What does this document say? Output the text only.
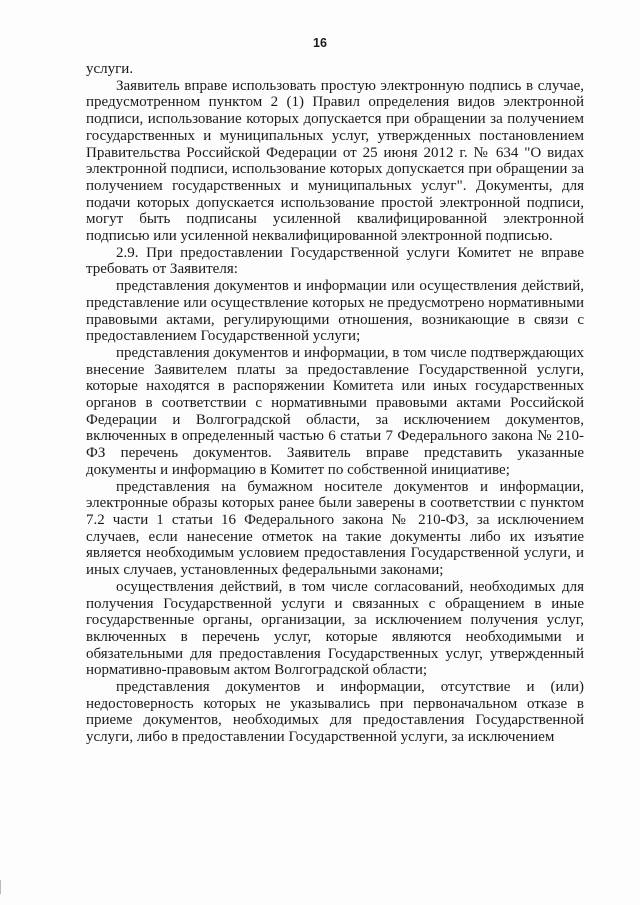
16

услуги.

Заявитель вправе использовать простую электронную подпись в случае, предусмотренном пунктом 2 (1) Правил определения видов электронной подписи, использование которых допускается при обращении за получением государственных и муниципальных услуг, утвержденных постановлением Правительства Российской Федерации от 25 июня 2012 г. № 634 "О видах электронной подписи, использование которых допускается при обращении за получением государственных и муниципальных услуг". Документы, для подачи которых допускается использование простой электронной подписи, могут быть подписаны усиленной квалифицированной электронной подписью или усиленной неквалифицированной электронной подписью.

2.9. При предоставлении Государственной услуги Комитет не вправе требовать от Заявителя:

представления документов и информации или осуществления действий, представление или осуществление которых не предусмотрено нормативными правовыми актами, регулирующими отношения, возникающие в связи с предоставлением Государственной услуги;

представления документов и информации, в том числе подтверждающих внесение Заявителем платы за предоставление Государственной услуги, которые находятся в распоряжении Комитета или иных государственных органов в соответствии с нормативными правовыми актами Российской Федерации и Волгоградской области, за исключением документов, включенных в определенный частью 6 статьи 7 Федерального закона № 210-ФЗ перечень документов. Заявитель вправе представить указанные документы и информацию в Комитет по собственной инициативе;

представления на бумажном носителе документов и информации, электронные образы которых ранее были заверены в соответствии с пунктом 7.2 части 1 статьи 16 Федерального закона № 210-ФЗ, за исключением случаев, если нанесение отметок на такие документы либо их изъятие является необходимым условием предоставления Государственной услуги, и иных случаев, установленных федеральными законами;

осуществления действий, в том числе согласований, необходимых для получения Государственной услуги и связанных с обращением в иные государственные органы, организации, за исключением получения услуг, включенных в перечень услуг, которые являются необходимыми и обязательными для предоставления Государственных услуг, утвержденный нормативно-правовым актом Волгоградской области;

представления документов и информации, отсутствие и (или) недостоверность которых не указывались при первоначальном отказе в приеме документов, необходимых для предоставления Государственной услуги, либо в предоставлении Государственной услуги, за исключением
